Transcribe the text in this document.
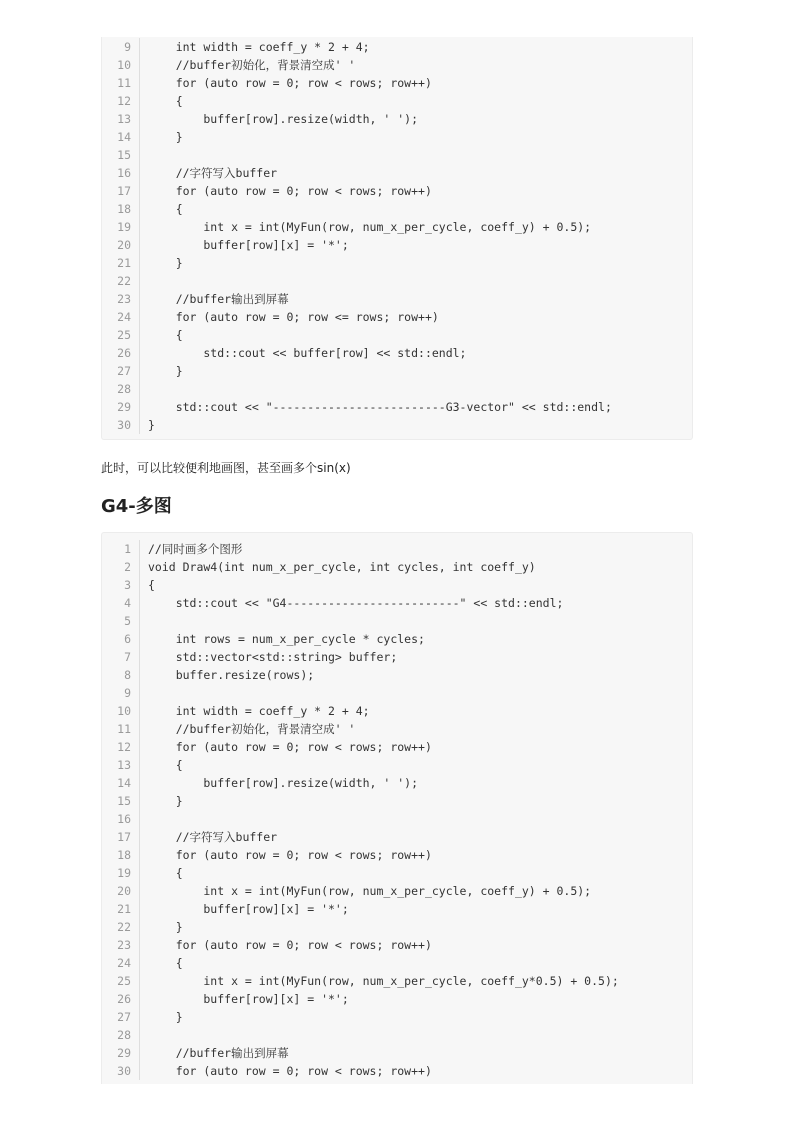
9	int width = coeff_y * 2 + 4;
10	//buffer初始化，背景清空成' '
11	for (auto row = 0; row < rows; row++)
12	{
13	buffer[row].resize(width, ' ');
14	}
15
16	//字符写入buffer
17	for (auto row = 0; row < rows; row++)
18	{
19	int x = int(MyFun(row, num_x_per_cycle, coeff_y) + 0.5);
20	buffer[row][x] = '*';
21	}
22
23	//buffer输出到屏幕
24	for (auto row = 0; row <= rows; row++)
25	{
26	std::cout << buffer[row] << std::endl;
27	}
28
29	std::cout << "-------------------------G3-vector" << std::endl;
30	}
此时，可以比较便利地画图，甚至画多个sin(x)
G4-多图
1	//同时画多个图形
2	void Draw4(int num_x_per_cycle, int cycles, int coeff_y)
3	{
4	std::cout << "G4-------------------------" << std::endl;
5
6	int rows = num_x_per_cycle * cycles;
7	std::vector<std::string> buffer;
8	buffer.resize(rows);
9
10	int width = coeff_y * 2 + 4;
11	//buffer初始化，背景清空成' '
12	for (auto row = 0; row < rows; row++)
13	{
14	buffer[row].resize(width, ' ');
15	}
16
17	//字符写入buffer
18	for (auto row = 0; row < rows; row++)
19	{
20	int x = int(MyFun(row, num_x_per_cycle, coeff_y) + 0.5);
21	buffer[row][x] = '*';
22	}
23	for (auto row = 0; row < rows; row++)
24	{
25	int x = int(MyFun(row, num_x_per_cycle, coeff_y*0.5) + 0.5);
26	buffer[row][x] = '*';
27	}
28
29	//buffer输出到屏幕
30	for (auto row = 0; row < rows; row++)
